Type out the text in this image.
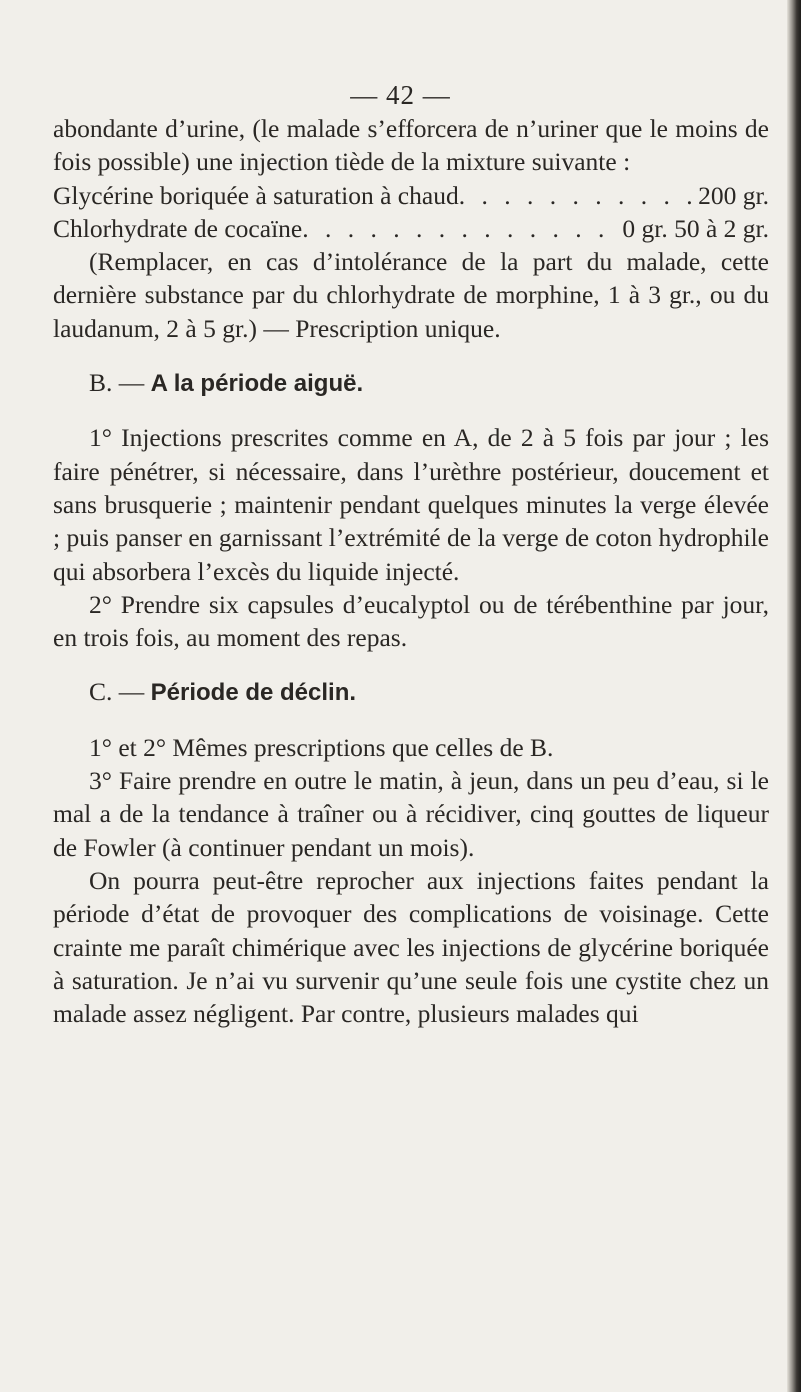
— 42 —

abondante d’urine, (le malade s’efforcera de n’uriner que le moins de fois possible) une injection tiède de la mixture suivante :

Glycérine boriquée à saturation à chaud . . .	200 gr.
Chlorhydrate de cocaïne . . .	0 gr. 50 à 2 gr.

(Remplacer, en cas d’intolérance de la part du malade, cette dernière substance par du chlorhydrate de morphine, 1 à 3 gr., ou du laudanum, 2 à 5 gr.) — Prescription unique.

B. — A la période aiguë.

1° Injections prescrites comme en A, de 2 à 5 fois par jour ; les faire pénétrer, si nécessaire, dans l’urèthre postérieur, doucement et sans brusquerie ; maintenir pendant quelques minutes la verge élevée ; puis panser en garnissant l’extrémité de la verge de coton hydrophile qui absorbera l’excès du liquide injecté.

2° Prendre six capsules d’eucalyptol ou de térébenthine par jour, en trois fois, au moment des repas.

C. — Période de déclin.

1° et 2° Mêmes prescriptions que celles de B.

3° Faire prendre en outre le matin, à jeun, dans un peu d’eau, si le mal a de la tendance à traîner ou à récidiver, cinq gouttes de liqueur de Fowler (à continuer pendant un mois).

On pourra peut-être reprocher aux injections faites pendant la période d’état de provoquer des complications de voisinage. Cette crainte me paraît chimérique avec les injections de glycérine boriquée à saturation. Je n’ai vu survenir qu’une seule fois une cystite chez un malade assez négligent. Par contre, plusieurs malades qui
